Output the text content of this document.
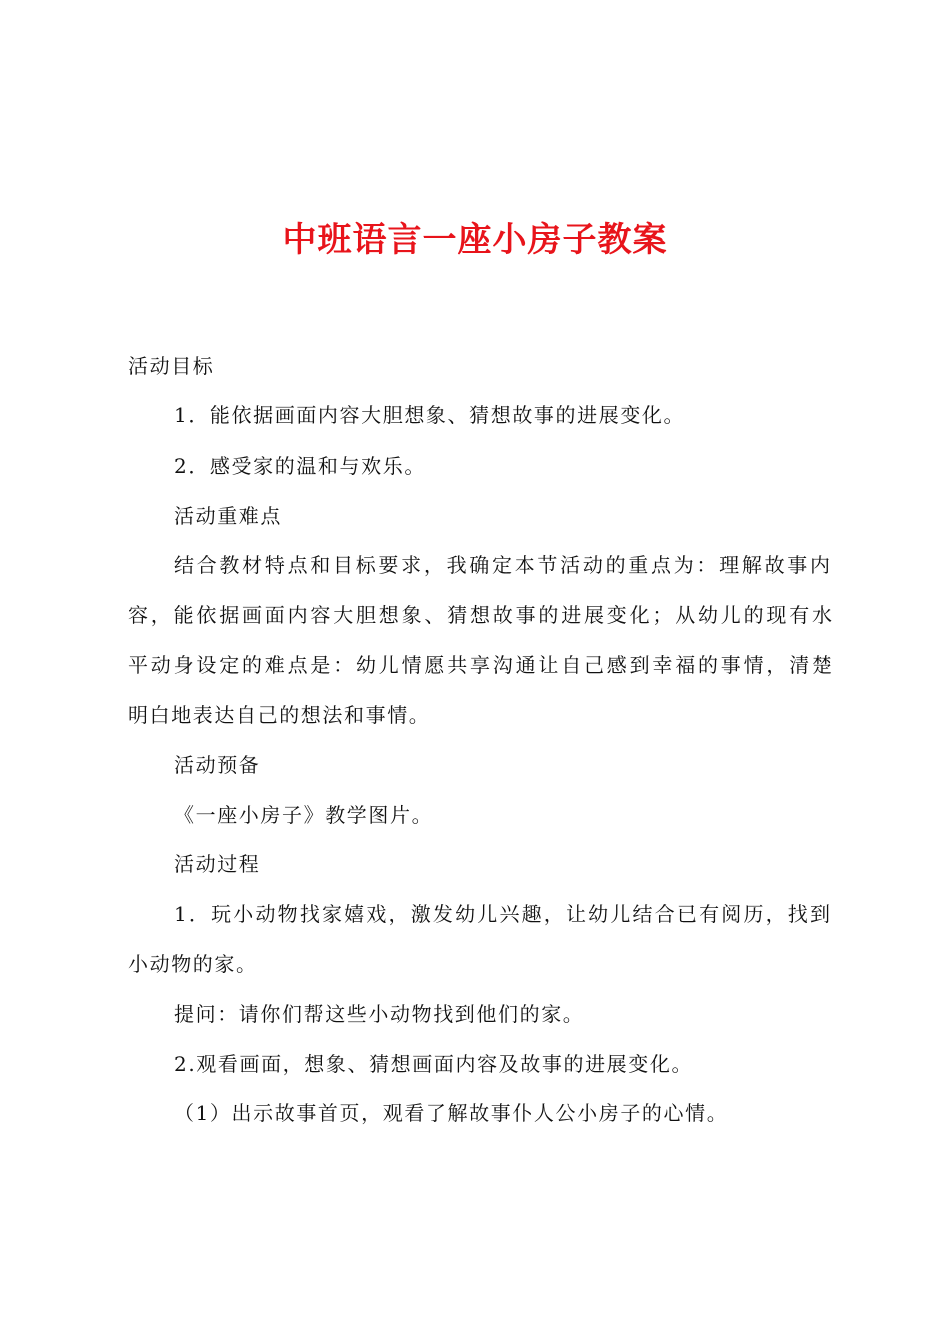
中班语言一座小房子教案
活动目标
1．能依据画面内容大胆想象、猜想故事的进展变化。
2．感受家的温和与欢乐。
活动重难点
结合教材特点和目标要求，我确定本节活动的重点为：理解故事内
容，能依据画面内容大胆想象、猜想故事的进展变化；从幼儿的现有水
平动身设定的难点是：幼儿情愿共享沟通让自己感到幸福的事情，清楚
明白地表达自己的想法和事情。
活动预备
《一座小房子》教学图片。
活动过程
1．玩小动物找家嬉戏，激发幼儿兴趣，让幼儿结合已有阅历，找到
小动物的家。
提问：请你们帮这些小动物找到他们的家。
2.观看画面，想象、猜想画面内容及故事的进展变化。
（1）出示故事首页，观看了解故事仆人公小房子的心情。
